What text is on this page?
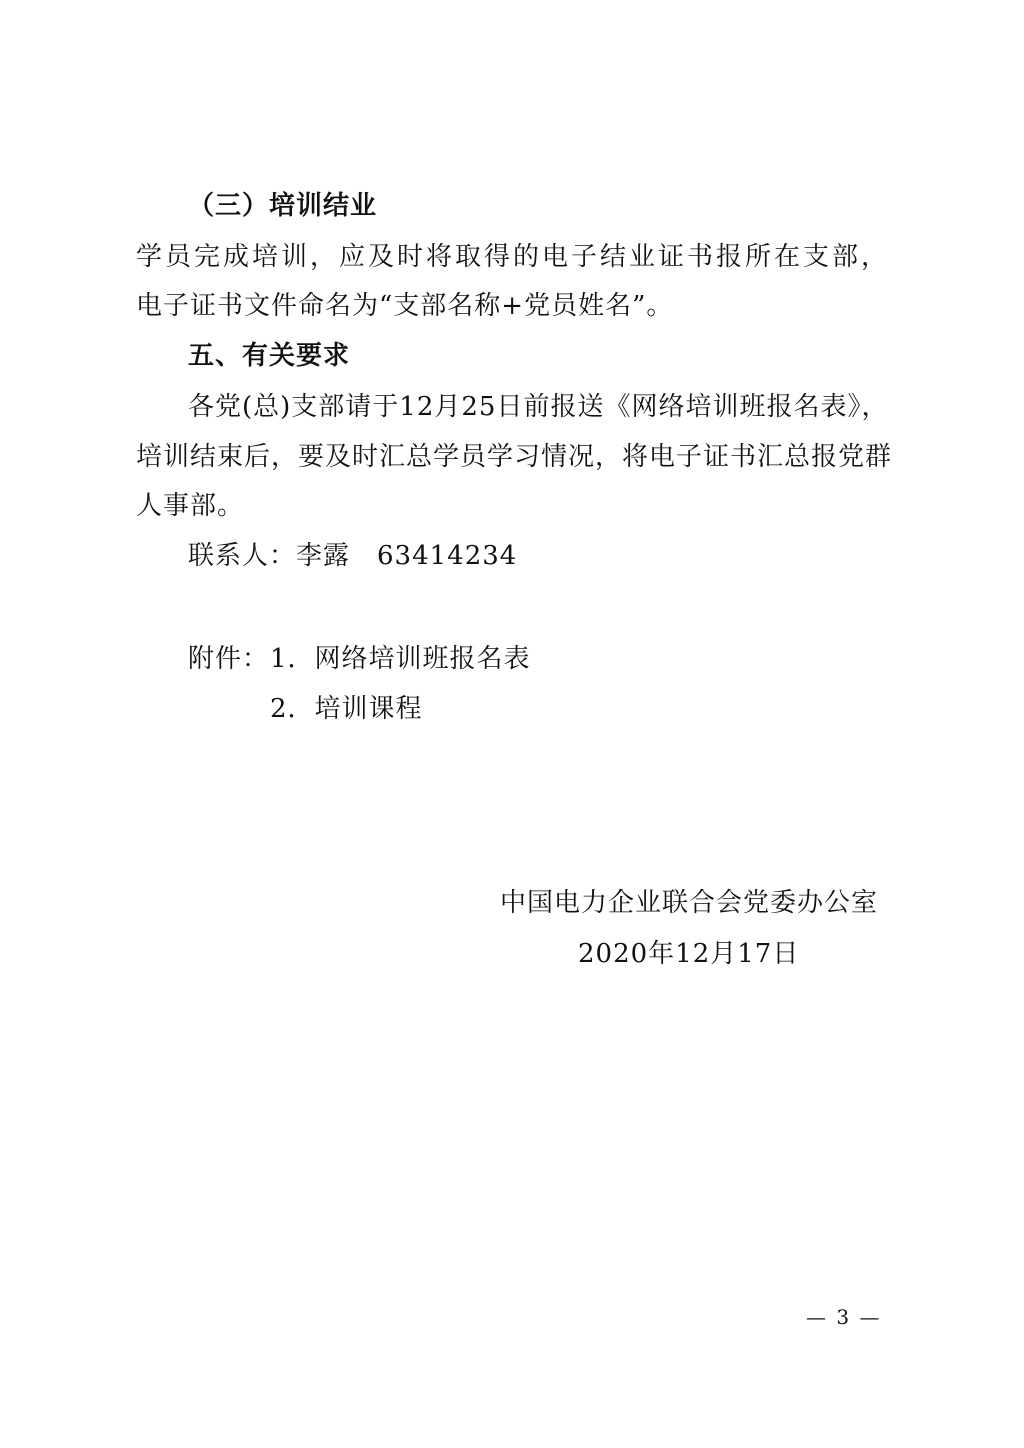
（三）培训结业
学员完成培训，应及时将取得的电子结业证书报所在支部，
电子证书文件命名为“支部名称+党员姓名”。
五、有关要求
各党(总)支部请于12月25日前报送《网络培训班报名表》，
培训结束后，要及时汇总学员学习情况，将电子证书汇总报党群
人事部。
联系人：李露　63414234
附件： 1．网络培训班报名表
2．培训课程
中国电力企业联合会党委办公室
2020年12月17日
— 3 —
